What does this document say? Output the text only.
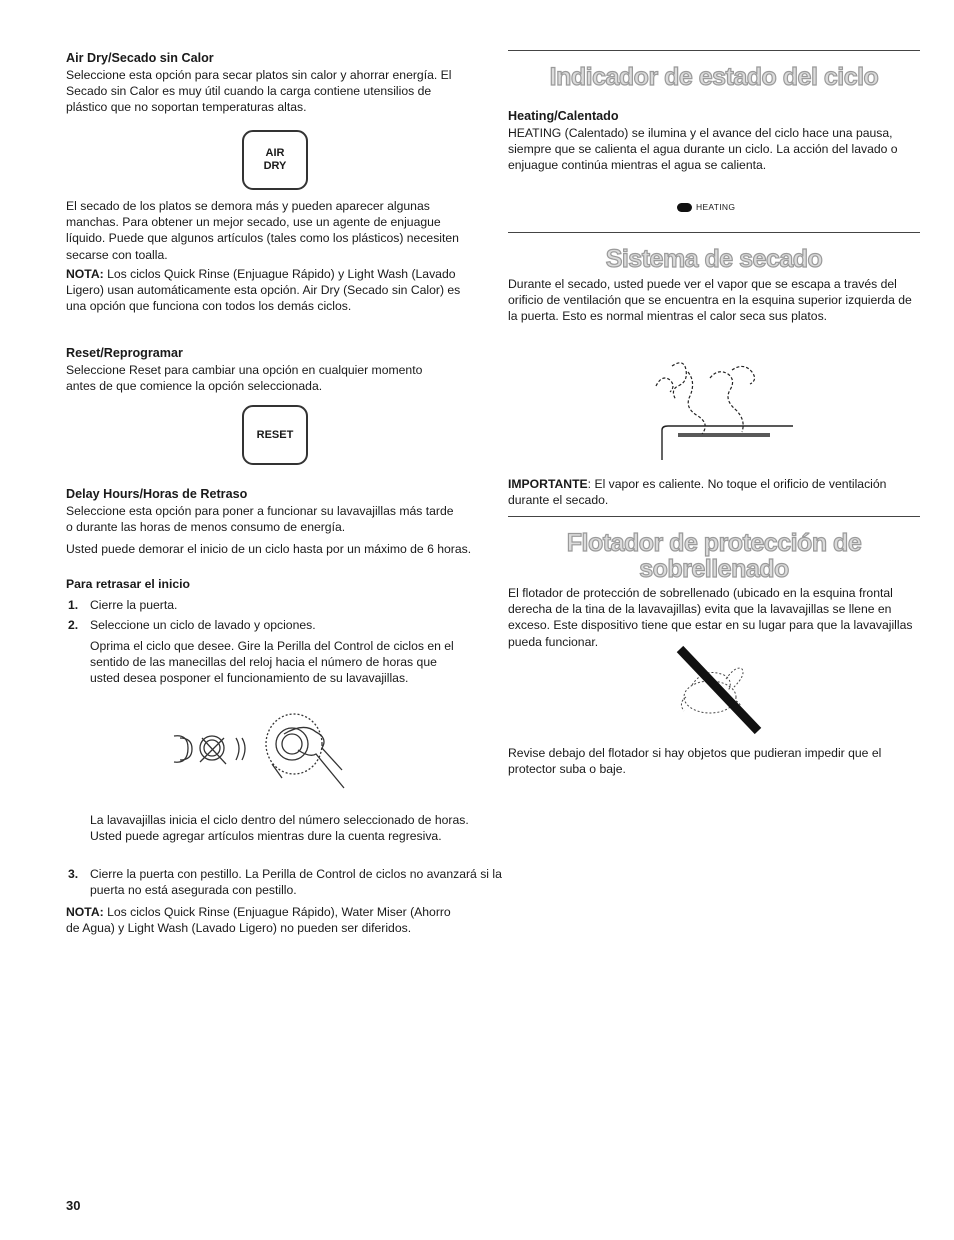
Air Dry/Secado sin Calor

Seleccione esta opción para secar platos sin calor y ahorrar energía. El Secado sin Calor es muy útil cuando la carga contiene utensilios de plástico que no soportan temperaturas altas.

AIR
DRY

El secado de los platos se demora más y pueden aparecer algunas manchas. Para obtener un mejor secado, use un agente de enjuague líquido. Puede que algunos artículos (tales como los plásticos) necesiten secarse con toalla.

NOTA: Los ciclos Quick Rinse (Enjuague Rápido) y Light Wash (Lavado Ligero) usan automáticamente esta opción. Air Dry (Secado sin Calor) es una opción que funciona con todos los demás ciclos.

Reset/Reprogramar

Seleccione Reset para cambiar una opción en cualquier momento antes de que comience la opción seleccionada.

RESET
Delay Hours/Horas de Retraso

Seleccione esta opción para poner a funcionar su lavavajillas más tarde o durante las horas de menos consumo de energía.

Usted puede demorar el inicio de un ciclo hasta por un máximo de 6 horas.

Para retrasar el inicio

1. Cierre la puerta.

2. Seleccione un ciclo de lavado y opciones.

Oprima el ciclo que desee. Gire la Perilla del Control de ciclos en el sentido de las manecillas del reloj hacia el número de horas que usted desea posponer el funcionamiento de su lavavajillas.

La lavavajillas inicia el ciclo dentro del número seleccionado de horas. Usted puede agregar artículos mientras dure la cuenta regresiva.

3. Cierre la puerta con pestillo. La Perilla de Control de ciclos no avanzará si la puerta no está asegurada con pestillo.

NOTA: Los ciclos Quick Rinse (Enjuague Rápido), Water Miser (Ahorro de Agua) y Light Wash (Lavado Ligero) no pueden ser diferidos.

30
Indicador de estado del ciclo
Heating/Calentado

HEATING (Calentado) se ilumina y el avance del ciclo hace una pausa, siempre que se calienta el agua durante un ciclo. La acción del lavado o enjuague continúa mientras el agua se calienta.

HEATING
Sistema de secado

Durante el secado, usted puede ver el vapor que se escapa a través del orificio de ventilación que se encuentra en la esquina superior izquierda de la puerta. Esto es normal mientras el calor seca sus platos.

IMPORTANTE: El vapor es caliente. No toque el orificio de ventilación durante el secado.

Flotador de protección de
sobrellenado

El flotador de protección de sobrellenado (ubicado en la esquina frontal derecha de la tina de la lavavajillas) evita que la lavavajillas se llene en exceso. Este dispositivo tiene que estar en su lugar para que la lavavajillas pueda funcionar.

Revise debajo del flotador si hay objetos que pudieran impedir que el protector suba o baje.
